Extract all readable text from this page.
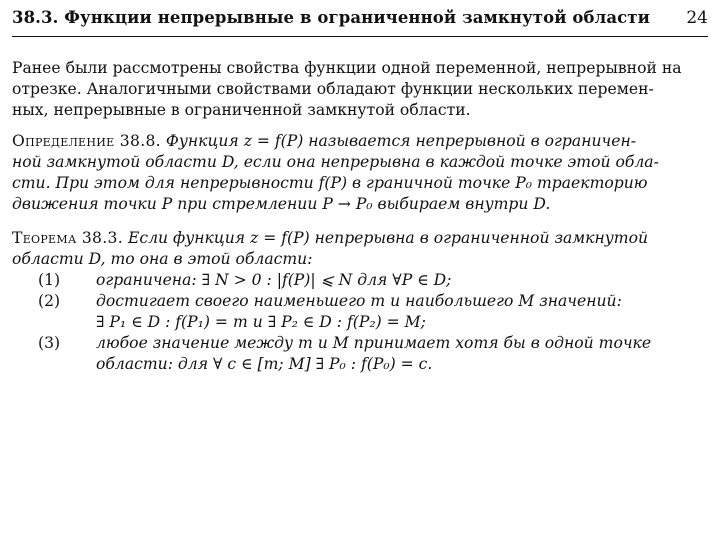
38.3. Функции непрерывные в ограниченной замкнутой области 24
Ранее были рассмотрены свойства функции одной переменной, непрерывной на
отрезке. Аналогичными свойствами обладают функции нескольких перемен-
ных, непрерывные в ограниченной замкнутой области.
Определение 38.8. Функция z = f(P) называется непрерывной в ограничен-
ной замкнутой области D, если она непрерывна в каждой точке этой обла-
сти. При этом для непрерывности f(P) в граничной точке P₀ траекторию
движения точки P при стремлении P → P₀ выбираем внутри D.
Теорема 38.3. Если функция z = f(P) непрерывна в ограниченной замкнутой
области D, то она в этой области:
(1) ограничена: ∃ N > 0 : |f(P)| ⩽ N для ∀P ∈ D;
(2) достигает своего наименьшего m и наибольшего M значений:
∃ P₁ ∈ D : f(P₁) = m и ∃ P₂ ∈ D : f(P₂) = M;
(3) любое значение между m и M принимает хотя бы в одной точке
области: для ∀ c ∈ [m; M] ∃ P₀ : f(P₀) = c.
